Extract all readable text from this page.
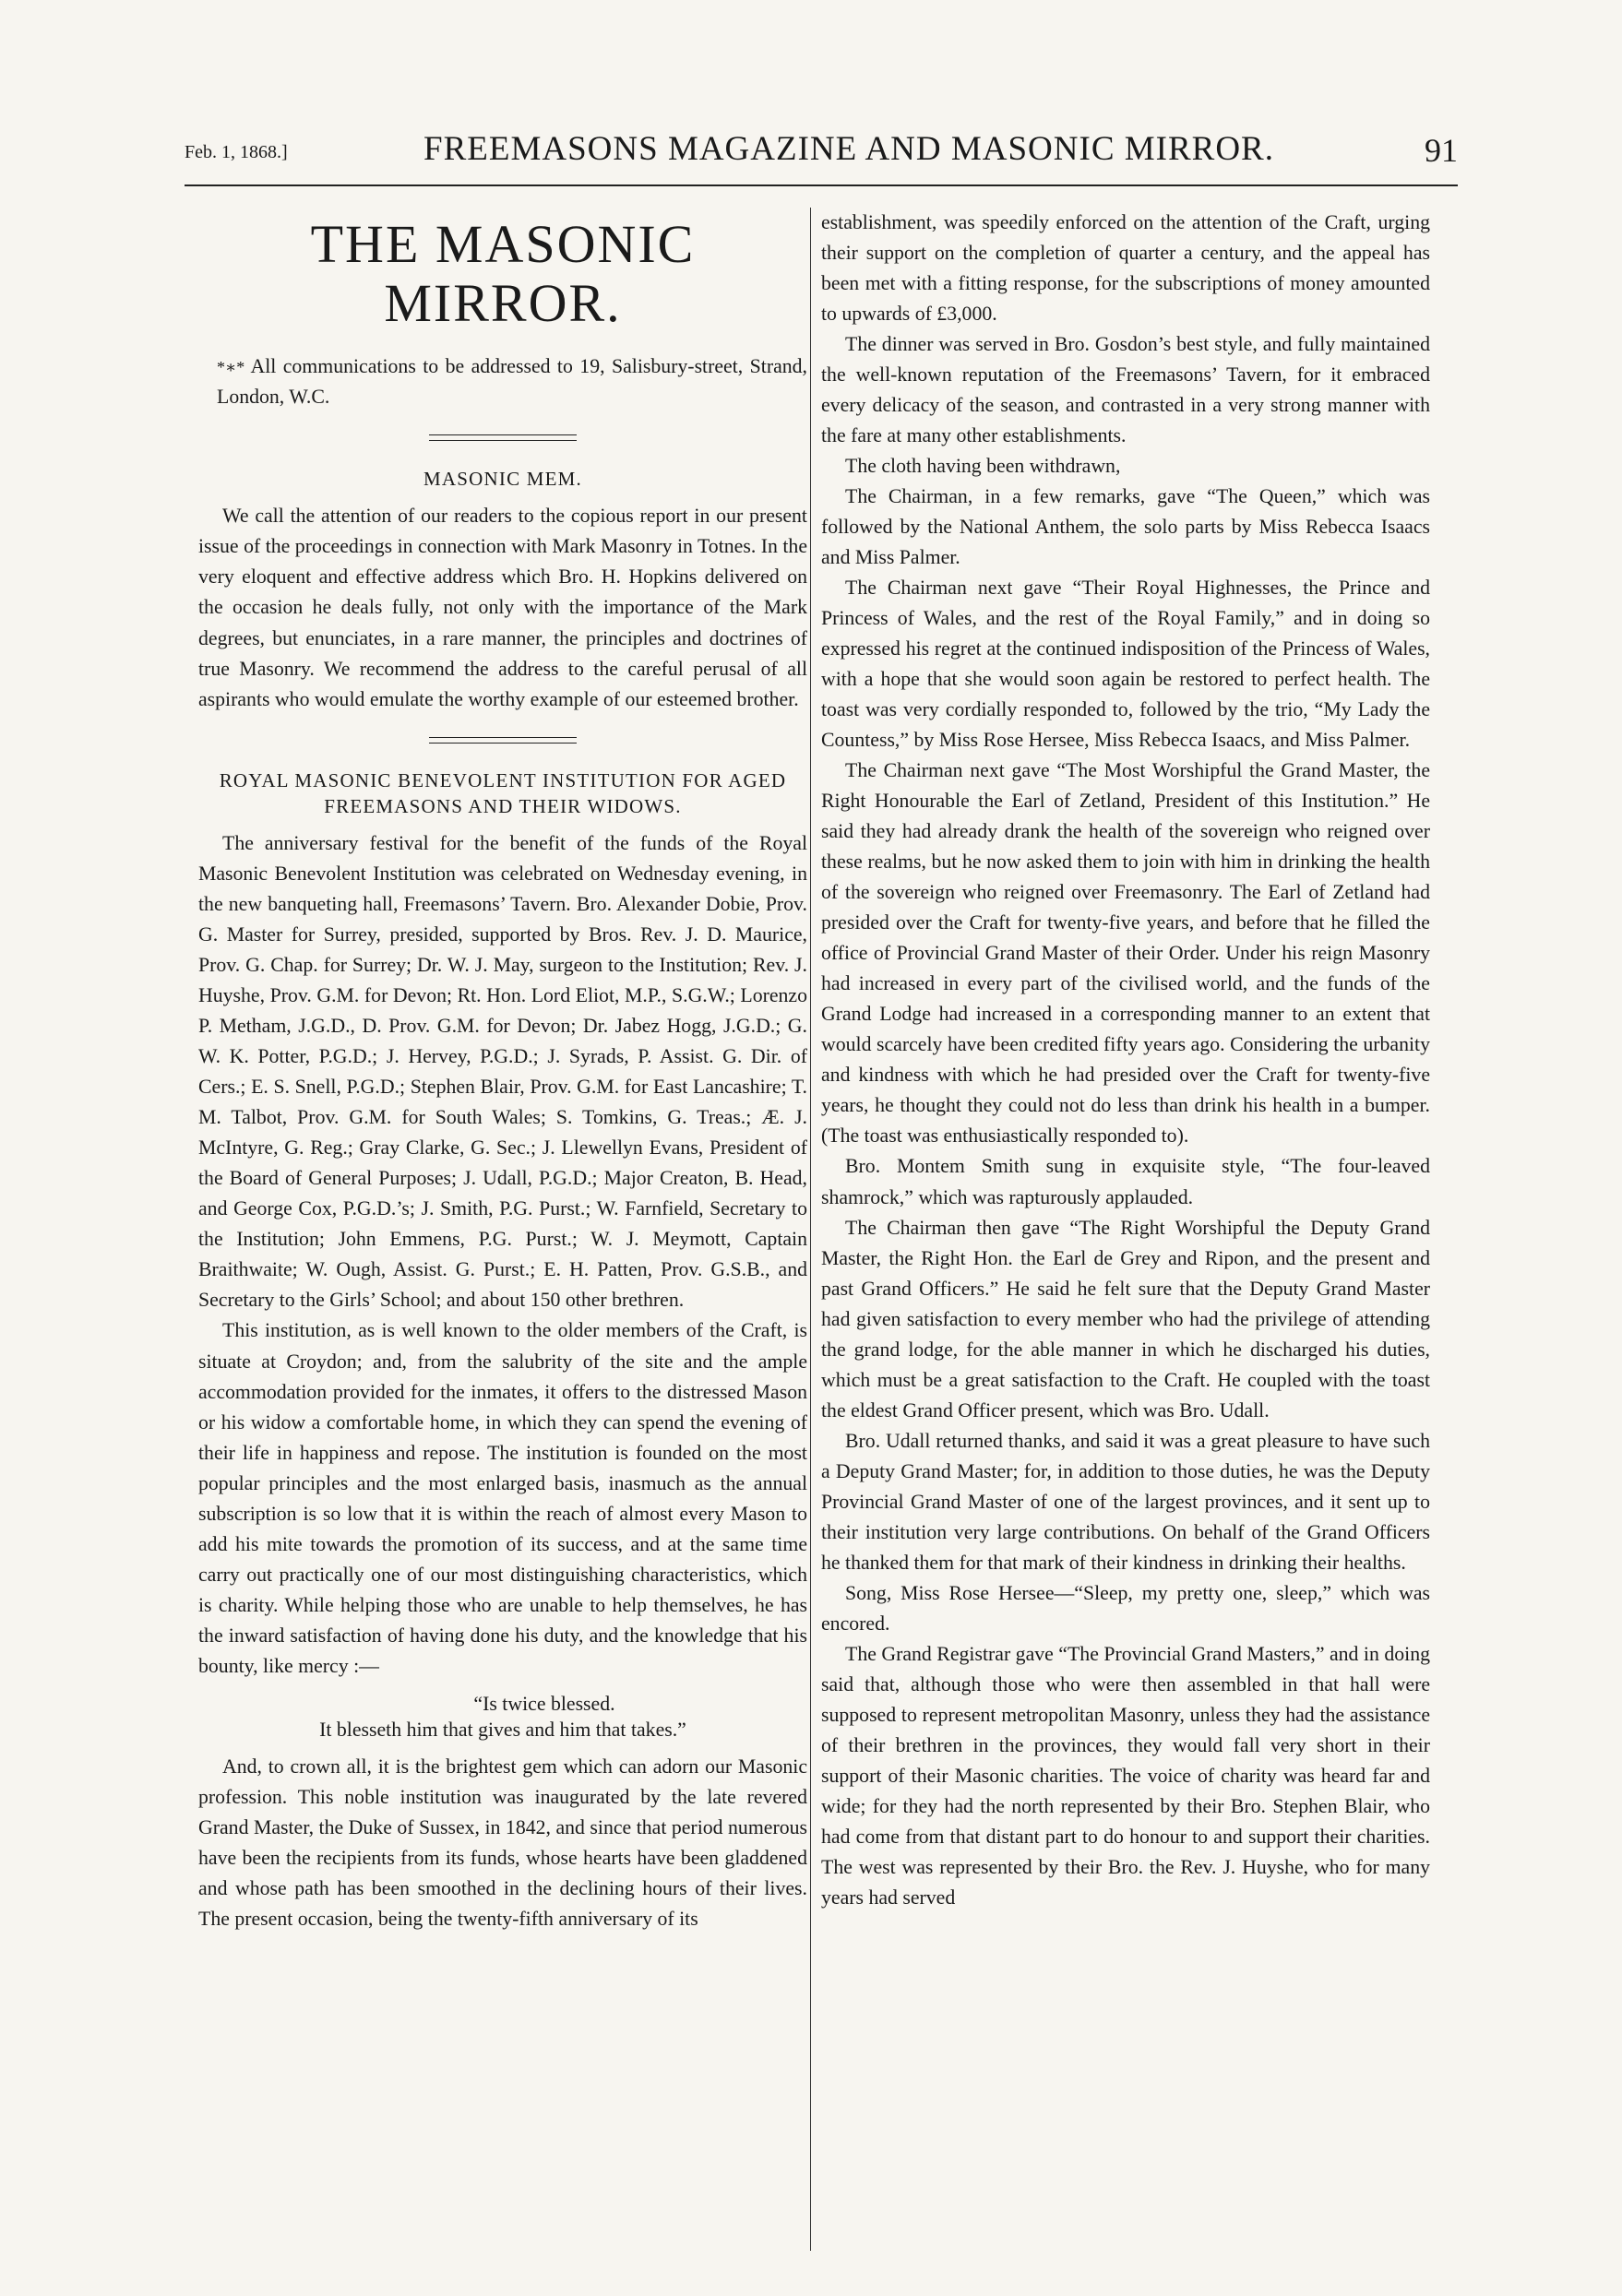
Feb. 1, 1868.]	FREEMASONS MAGAZINE AND MASONIC MIRROR.	91
THE MASONIC MIRROR.

*∗* All communications to be addressed to 19, Salisbury-street, Strand, London, W.C.

MASONIC MEM.

We call the attention of our readers to the copious report in our present issue of the proceedings in connection with Mark Masonry in Totnes. In the very eloquent and effective address which Bro. H. Hopkins delivered on the occasion he deals fully, not only with the importance of the Mark degrees, but enunciates, in a rare manner, the principles and doctrines of true Masonry. We recommend the address to the careful perusal of all aspirants who would emulate the worthy example of our esteemed brother.

ROYAL MASONIC BENEVOLENT INSTITUTION FOR AGED FREEMASONS AND THEIR WIDOWS.

The anniversary festival for the benefit of the funds of the Royal Masonic Benevolent Institution was celebrated on Wednesday evening, in the new banqueting hall, Freemasons’ Tavern. Bro. Alexander Dobie, Prov. G. Master for Surrey, presided, supported by Bros. Rev. J. D. Maurice, Prov. G. Chap. for Surrey; Dr. W. J. May, surgeon to the Institution; Rev. J. Huyshe, Prov. G.M. for Devon; Rt. Hon. Lord Eliot, M.P., S.G.W.; Lorenzo P. Metham, J.G.D., D. Prov. G.M. for Devon; Dr. Jabez Hogg, J.G.D.; G. W. K. Potter, P.G.D.; J. Hervey, P.G.D.; J. Syrads, P. Assist. G. Dir. of Cers.; E. S. Snell, P.G.D.; Stephen Blair, Prov. G.M. for East Lancashire; T. M. Talbot, Prov. G.M. for South Wales; S. Tomkins, G. Treas.; Æ. J. McIntyre, G. Reg.; Gray Clarke, G. Sec.; J. Llewellyn Evans, President of the Board of General Purposes; J. Udall, P.G.D.; Major Creaton, B. Head, and George Cox, P.G.D.’s; J. Smith, P.G. Purst.; W. Farnfield, Secretary to the Institution; John Emmens, P.G. Purst.; W. J. Meymott, Captain Braithwaite; W. Ough, Assist. G. Purst.; E. H. Patten, Prov. G.S.B., and Secretary to the Girls’ School; and about 150 other brethren.

This institution, as is well known to the older members of the Craft, is situate at Croydon; and, from the salubrity of the site and the ample accommodation provided for the inmates, it offers to the distressed Mason or his widow a comfortable home, in which they can spend the evening of their life in happiness and repose. The institution is founded on the most popular principles and the most enlarged basis, inasmuch as the annual subscription is so low that it is within the reach of almost every Mason to add his mite towards the promotion of its success, and at the same time carry out practically one of our most distinguishing characteristics, which is charity. While helping those who are unable to help themselves, he has the inward satisfaction of having done his duty, and the knowledge that his bounty, like mercy :—

“Is twice blessed.
It blesseth him that gives and him that takes.”

And, to crown all, it is the brightest gem which can adorn our Masonic profession. This noble institution was inaugurated by the late revered Grand Master, the Duke of Sussex, in 1842, and since that period numerous have been the recipients from its funds, whose hearts have been gladdened and whose path has been smoothed in the declining hours of their lives. The present occasion, being the twenty-fifth anniversary of its

establishment, was speedily enforced on the attention of the Craft, urging their support on the completion of quarter a century, and the appeal has been met with a fitting response, for the subscriptions of money amounted to upwards of £3,000.

The dinner was served in Bro. Gosdon’s best style, and fully maintained the well-known reputation of the Freemasons’ Tavern, for it embraced every delicacy of the season, and contrasted in a very strong manner with the fare at many other establishments.

The cloth having been withdrawn,

The Chairman, in a few remarks, gave “The Queen,” which was followed by the National Anthem, the solo parts by Miss Rebecca Isaacs and Miss Palmer.

The Chairman next gave “Their Royal Highnesses, the Prince and Princess of Wales, and the rest of the Royal Family,” and in doing so expressed his regret at the continued indisposition of the Princess of Wales, with a hope that she would soon again be restored to perfect health. The toast was very cordially responded to, followed by the trio, “My Lady the Countess,” by Miss Rose Hersee, Miss Rebecca Isaacs, and Miss Palmer.

The Chairman next gave “The Most Worshipful the Grand Master, the Right Honourable the Earl of Zetland, President of this Institution.” He said they had already drank the health of the sovereign who reigned over these realms, but he now asked them to join with him in drinking the health of the sovereign who reigned over Freemasonry. The Earl of Zetland had presided over the Craft for twenty-five years, and before that he filled the office of Provincial Grand Master of their Order. Under his reign Masonry had increased in every part of the civilised world, and the funds of the Grand Lodge had increased in a corresponding manner to an extent that would scarcely have been credited fifty years ago. Considering the urbanity and kindness with which he had presided over the Craft for twenty-five years, he thought they could not do less than drink his health in a bumper. (The toast was enthusiastically responded to).

Bro. Montem Smith sung in exquisite style, “The four-leaved shamrock,” which was rapturously applauded.

The Chairman then gave “The Right Worshipful the Deputy Grand Master, the Right Hon. the Earl de Grey and Ripon, and the present and past Grand Officers.” He said he felt sure that the Deputy Grand Master had given satisfaction to every member who had the privilege of attending the grand lodge, for the able manner in which he discharged his duties, which must be a great satisfaction to the Craft. He coupled with the toast the eldest Grand Officer present, which was Bro. Udall.

Bro. Udall returned thanks, and said it was a great pleasure to have such a Deputy Grand Master; for, in addition to those duties, he was the Deputy Provincial Grand Master of one of the largest provinces, and it sent up to their institution very large contributions. On behalf of the Grand Officers he thanked them for that mark of their kindness in drinking their healths.

Song, Miss Rose Hersee—“Sleep, my pretty one, sleep,” which was encored.

The Grand Registrar gave “The Provincial Grand Masters,” and in doing said that, although those who were then assembled in that hall were supposed to represent metropolitan Masonry, unless they had the assistance of their brethren in the provinces, they would fall very short in their support of their Masonic charities. The voice of charity was heard far and wide; for they had the north represented by their Bro. Stephen Blair, who had come from that distant part to do honour to and support their charities. The west was represented by their Bro. the Rev. J. Huyshe, who for many years had served
